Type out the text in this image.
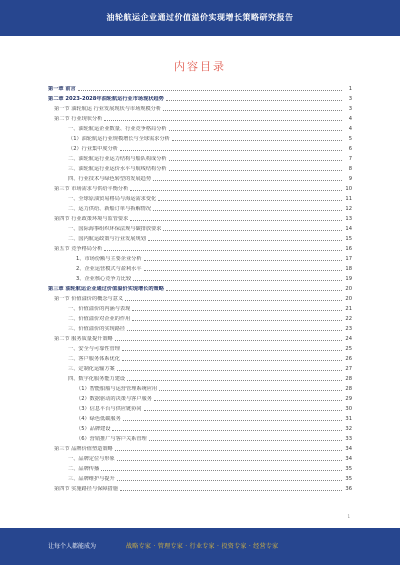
油轮航运企业通过价值溢价实现增长策略研究报告
内容目录
第一章 前言	1
第二章 2023-2028年油轮航运行业市场现状趋势	3
第一节 油轮航运 行业发展现状与市场规模分析	3
第二节 行业现状分析	4
一、油轮航运企业数量、行业竞争格局分析	4
（1）油轮航运行业规模增长与全球需求分析	5
（2）行业集中度分析	6
二、油轮航运行业运力结构与船队构成分析	7
三、油轮航运行业运价水平与航线结构分析	8
四、行业技术与绿色转型的发展趋势	9
第三节 市场需求与供给平衡分析	10
一、全球原油贸易格局与海运需求变化	11
二、运力供给、新船订单与拆解情况	12
第四节 行业政策环境与监管要求	13
一、国际海事组织环保法规与碳排放要求	14
二、国内航运政策与行业发展规划	15
第五节 竞争格局分析	16
1、市场份额与主要企业分析	17
2、企业运营模式与盈利水平	18
3、企业核心竞争力比较	19
第三章 油轮航运企业通过价值溢价实现增长的策略	20
第一节 价值溢价的概念与意义	20
一、价值溢价的内涵与表现	21
二、价值溢价对企业的作用	22
三、价值溢价的实现路径	23
第二节 服务质量提升策略	24
一、安全与可靠性管理	25
二、客户服务体系优化	26
三、定制化运输方案	27
四、数字化服务能力建设	28
（1）智能船舶与运营管理系统应用	28
（2）数据驱动的决策与客户服务	29
（3）信息平台与供应链协同	30
（4）绿色低碳服务	31
（5）品牌建设	32
（6）营销推广与客户关系管理	33
第三节 品牌价值塑造策略	34
一、品牌定位与形象	34
二、品牌传播	35
三、品牌维护与提升	35
第四节 实施路径与保障措施	36
1
让每个人都能成为	战略专家 · 管理专家 · 行业专家 · 投资专家 · 经营专家
